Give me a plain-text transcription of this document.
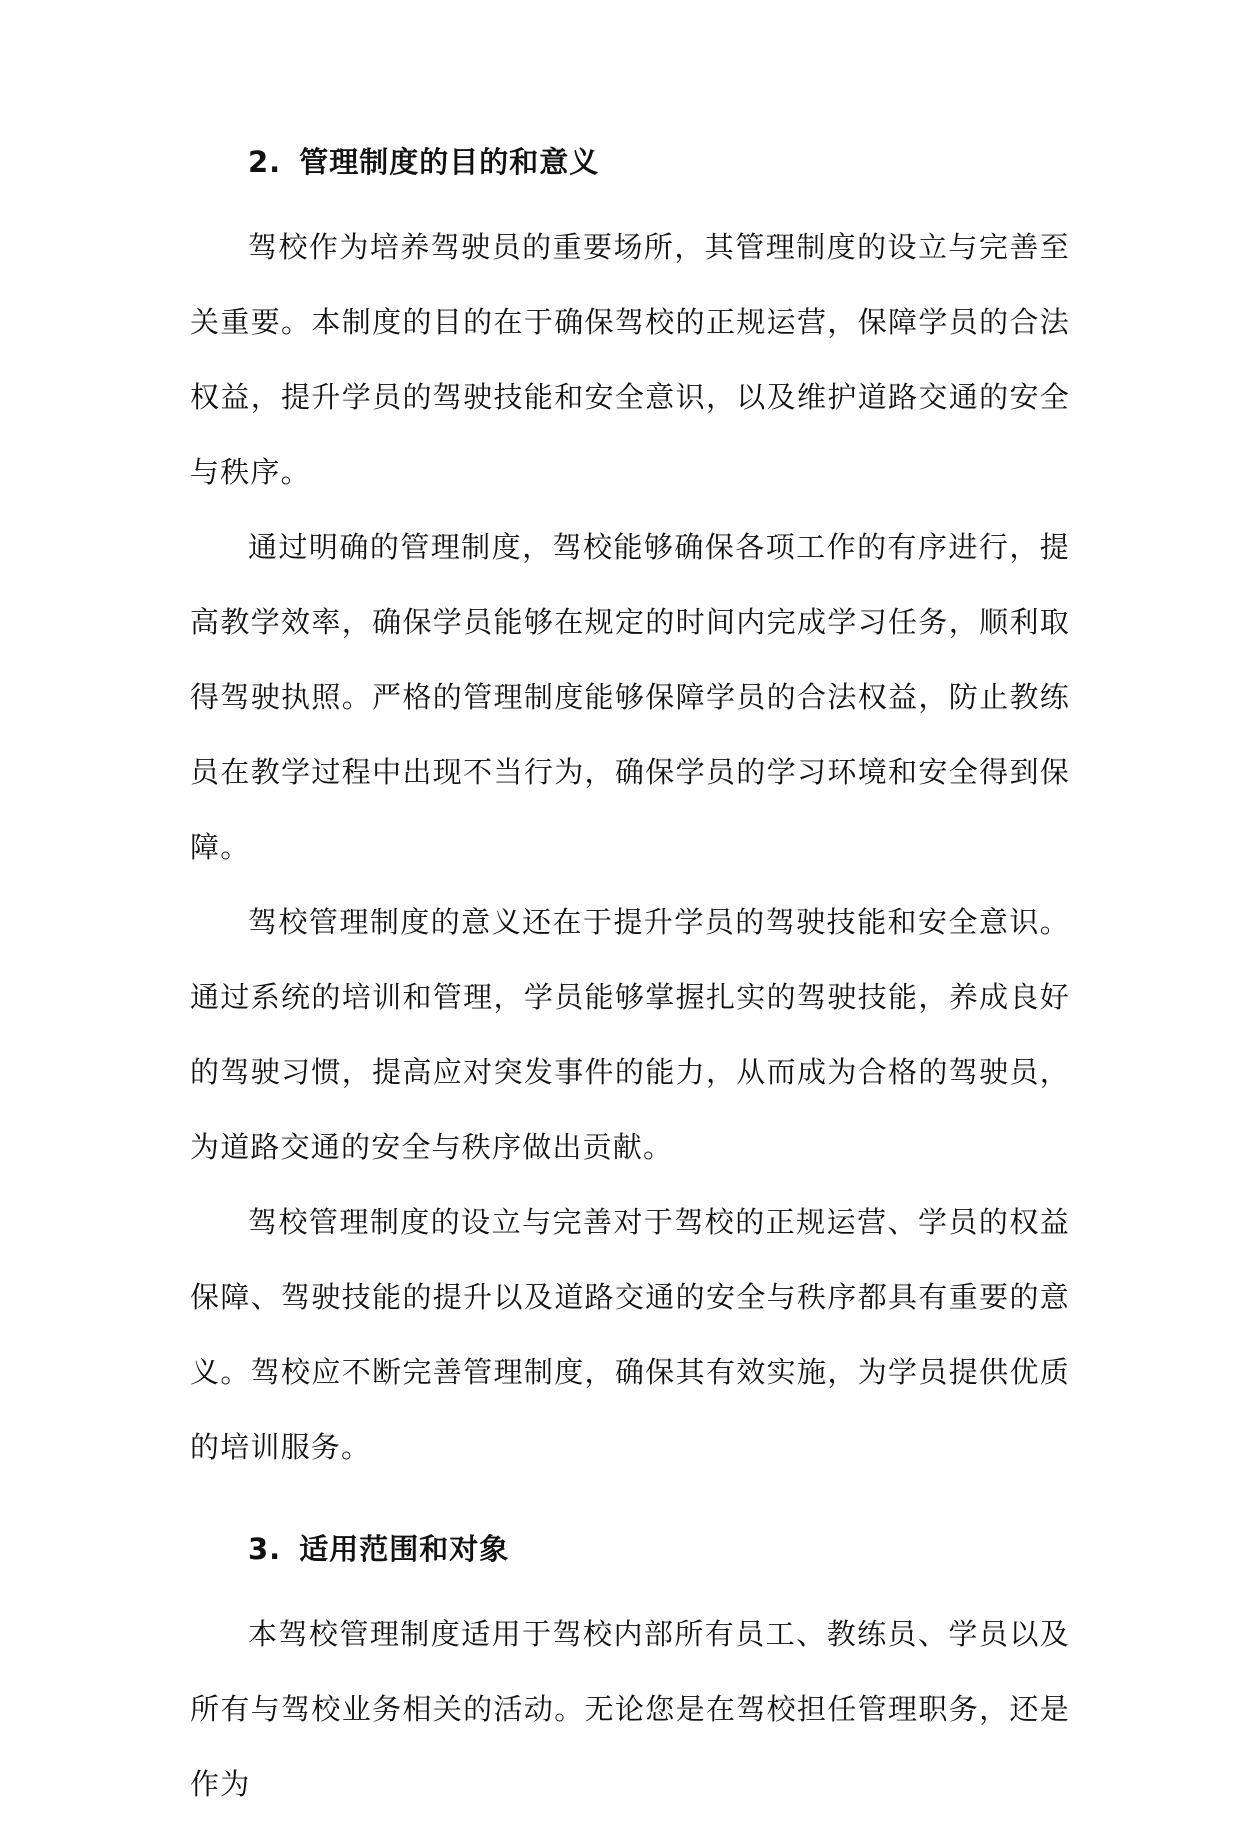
2. 管理制度的目的和意义

驾校作为培养驾驶员的重要场所，其管理制度的设立与完善至关重要。本制度的目的在于确保驾校的正规运营，保障学员的合法权益，提升学员的驾驶技能和安全意识，以及维护道路交通的安全与秩序。

通过明确的管理制度，驾校能够确保各项工作的有序进行，提高教学效率，确保学员能够在规定的时间内完成学习任务，顺利取得驾驶执照。严格的管理制度能够保障学员的合法权益，防止教练员在教学过程中出现不当行为，确保学员的学习环境和安全得到保障。

驾校管理制度的意义还在于提升学员的驾驶技能和安全意识。通过系统的培训和管理，学员能够掌握扎实的驾驶技能，养成良好的驾驶习惯，提高应对突发事件的能力，从而成为合格的驾驶员，为道路交通的安全与秩序做出贡献。

驾校管理制度的设立与完善对于驾校的正规运营、学员的权益保障、驾驶技能的提升以及道路交通的安全与秩序都具有重要的意义。驾校应不断完善管理制度，确保其有效实施，为学员提供优质的培训服务。

3. 适用范围和对象

本驾校管理制度适用于驾校内部所有员工、教练员、学员以及所有与驾校业务相关的活动。无论您是在驾校担任管理职务，还是作为
